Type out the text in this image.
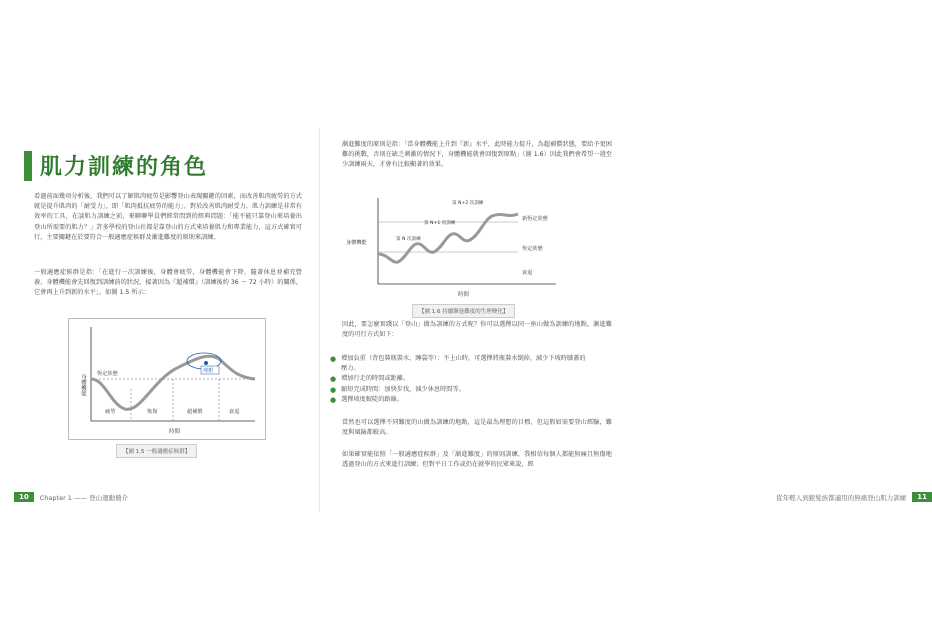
肌力訓練的角色
看過前面幾項分析後，我們可以了解肌肉疲勞是影響登山表現關鍵的因素，而改善肌肉疲勞的方式就是提升肌肉的「耐受力」，即「肌肉抵抗疲勞的能力」。對於改善肌肉耐受力，肌力訓練是非常有效率的工具，在談肌力訓練之前，來聊聊學員們經常問到的經典問題：「能不能只靠登山來培養出登山所需要的肌力？」許多學校的登山社都是靠登山的方式來培養肌力和專業能力，這方式確實可行，主要關鍵在於要符合一般適應症候群及漸進難度的原則來訓練。
一般適應症候群是指：「在進行一次訓練後，身體會疲勞，身體機能會下降，隨著休息並補充營養，身體機能會先回復到訓練前的狀況，接著因為『超補償』（訓練後約 36 ～ 72 小時）的關係，它會再上升到新的水平」，如圖 1.5 所示：
身體機能 恆定狀態	理想
疲勞	恢復	超補償	衰退
時間
【圖 1.5 一般適應症候群】
10	Chapter 1 —— 登山運動簡介
漸進難度的原則是指：「當身體機能上升到『新』水平，此時能力提升，為超補償狀態，要給予更困難的挑戰，否則在缺乏刺激的情況下，身體機能就會回復到原點」（圖 1.6）因此我們會希望一週至少訓練兩天，才會有比較顯著的效果。
身體機能
第 N+2 次訓練
第 N+1 次訓練
第 N 次訓練
新恆定狀態
恆定狀態
衰退
時間
【圖 1.6 持續漸進難度的生理變化】
因此，要怎麼實踐以「登山」做為訓練的方式呢？你可以選擇以同一座山做為訓練的地點，漸進難度的可行方式如下：
● 增加負重（背包裝瓶裝水、睡袋等）：不上山時，可選擇將瓶裝水倒掉，減少下坡時膝蓋的壓力。
● 增加行走的時間或距離。
● 縮短完成時間：加快步伐，減少休息時間等。
● 選擇坡度較陡的路線。
當然也可以選擇不同難度的山做為訓練的地點，這是最為理想的目標，但這假如需要登山經驗，難度與風險都較高。
如果確實能依照「一般適應症候群」及「漸進難度」的原則訓練，我相信每個人都能無痛且無傷地透過登山的方式來進行訓練；但對平日工作或仍在就學的民眾來說，經
從年輕人到銀髮族都適用的無痛登山肌力訓練	11
